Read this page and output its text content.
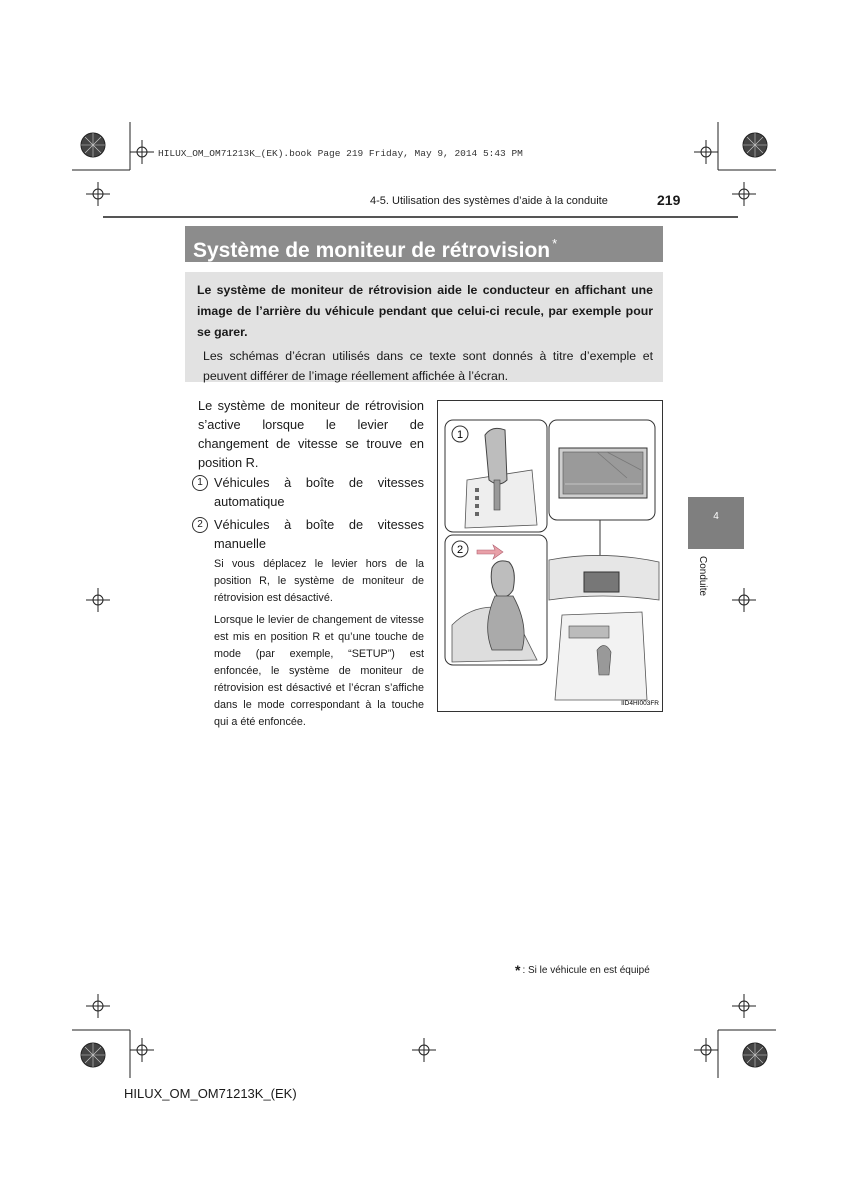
HILUX_OM_OM71213K_(EK).book Page 219 Friday, May 9, 2014 5:43 PM
4-5. Utilisation des systèmes d’aide à la conduite	219
Système de moniteur de rétrovision *
Le système de moniteur de rétrovision aide le conducteur en affichant une image de l’arrière du véhicule pendant que celui-ci recule, par exemple pour se garer.
Les schémas d’écran utilisés dans ce texte sont donnés à titre d’exemple et peuvent différer de l’image réellement affichée à l’écran.
Le système de moniteur de rétrovision s’active lorsque le levier de changement de vitesse se trouve en position R.
1 Véhicules à boîte de vitesses automatique
2 Véhicules à boîte de vitesses manuelle
Si vous déplacez le levier hors de la position R, le système de moniteur de rétrovision est désactivé.
Lorsque le levier de changement de vitesse est mis en position R et qu’une touche de mode (par exemple, “SETUP”) est enfoncée, le système de moniteur de rétrovision est désactivé et l’écran s’affiche dans le mode correspondant à la touche qui a été enfoncée.
1
2
IID4HI003FR
4
Conduite
* : Si le véhicule en est équipé
HILUX_OM_OM71213K_(EK)
